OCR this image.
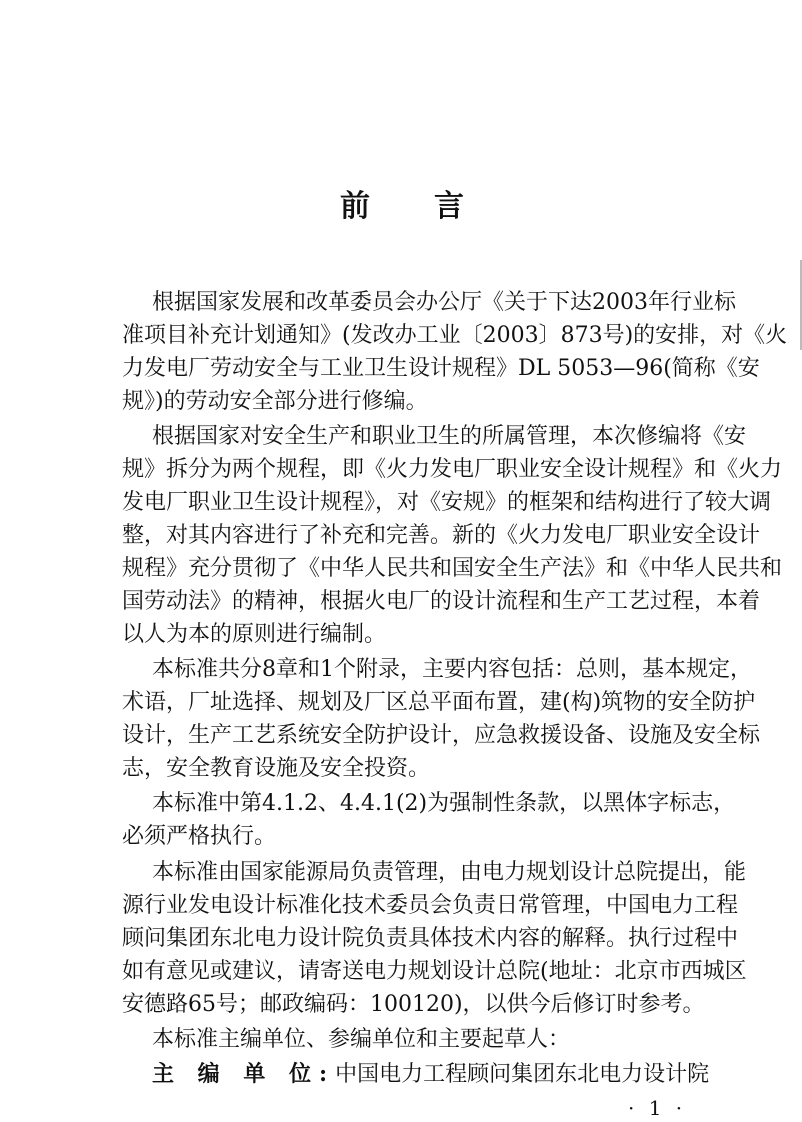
前 言
根据国家发展和改革委员会办公厅《关于下达2003年行业标
准项目补充计划通知》(发改办工业〔2003〕873号)的安排，对《火
力发电厂劳动安全与工业卫生设计规程》DL 5053—96(简称《安
规》)的劳动安全部分进行修编。
根据国家对安全生产和职业卫生的所属管理，本次修编将《安
规》拆分为两个规程，即《火力发电厂职业安全设计规程》和《火力
发电厂职业卫生设计规程》，对《安规》的框架和结构进行了较大调
整，对其内容进行了补充和完善。新的《火力发电厂职业安全设计
规程》充分贯彻了《中华人民共和国安全生产法》和《中华人民共和
国劳动法》的精神，根据火电厂的设计流程和生产工艺过程，本着
以人为本的原则进行编制。
本标准共分8章和1个附录，主要内容包括：总则，基本规定，
术语，厂址选择、规划及厂区总平面布置，建(构)筑物的安全防护
设计，生产工艺系统安全防护设计，应急救援设备、设施及安全标
志，安全教育设施及安全投资。
本标准中第4.1.2、4.4.1(2)为强制性条款，以黑体字标志，
必须严格执行。
本标准由国家能源局负责管理，由电力规划设计总院提出，能
源行业发电设计标准化技术委员会负责日常管理，中国电力工程
顾问集团东北电力设计院负责具体技术内容的解释。执行过程中
如有意见或建议，请寄送电力规划设计总院(地址：北京市西城区
安德路65号；邮政编码：100120)，以供今后修订时参考。
本标准主编单位、参编单位和主要起草人：
主 编 单 位:中国电力工程顾问集团东北电力设计院
· 1 ·
